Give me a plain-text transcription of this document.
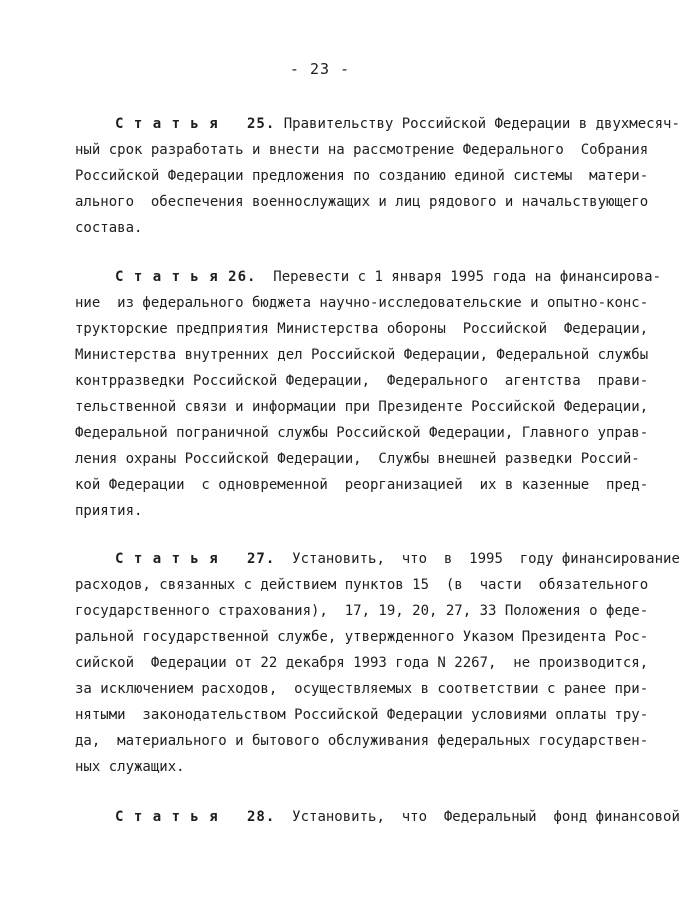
- 23 -
С т а т ь я   25. Правительству Российской Федерации в двухмесяч-
ный срок разработать и внести на рассмотрение Федерального  Собрания
Российской Федерации предложения по созданию единой системы  матери-
ального  обеспечения военнослужащих и лиц рядового и начальствующего
состава.
С т а т ь я 26.  Перевести с 1 января 1995 года на финансирова-
ние  из федерального бюджета научно-исследовательские и опытно-конс-
трукторские предприятия Министерства обороны  Российской  Федерации,
Министерства внутренних дел Российской Федерации, Федеральной службы
контрразведки Российской Федерации,  Федерального  агентства  прави-
тельственной связи и информации при Президенте Российской Федерации,
Федеральной пограничной службы Российской Федерации, Главного управ-
ления охраны Российской Федерации,  Службы внешней разведки Россий-
кой Федерации  с одновременной  реорганизацией  их в казенные  пред-
приятия.
С т а т ь я   27.  Установить,  что  в  1995  году финансирование
расходов, связанных с действием пунктов 15  (в  части  обязательного
государственного страхования),  17, 19, 20, 27, 33 Положения о феде-
ральной государственной службе, утвержденного Указом Президента Рос-
сийской  Федерации от 22 декабря 1993 года N 2267,  не производится,
за исключением расходов,  осуществляемых в соответствии с ранее при-
нятыми  законодательством Российской Федерации условиями оплаты тру-
да,  материального и бытового обслуживания федеральных государствен-
ных служащих.
С т а т ь я   28.  Установить,  что  Федеральный  фонд финансовой
